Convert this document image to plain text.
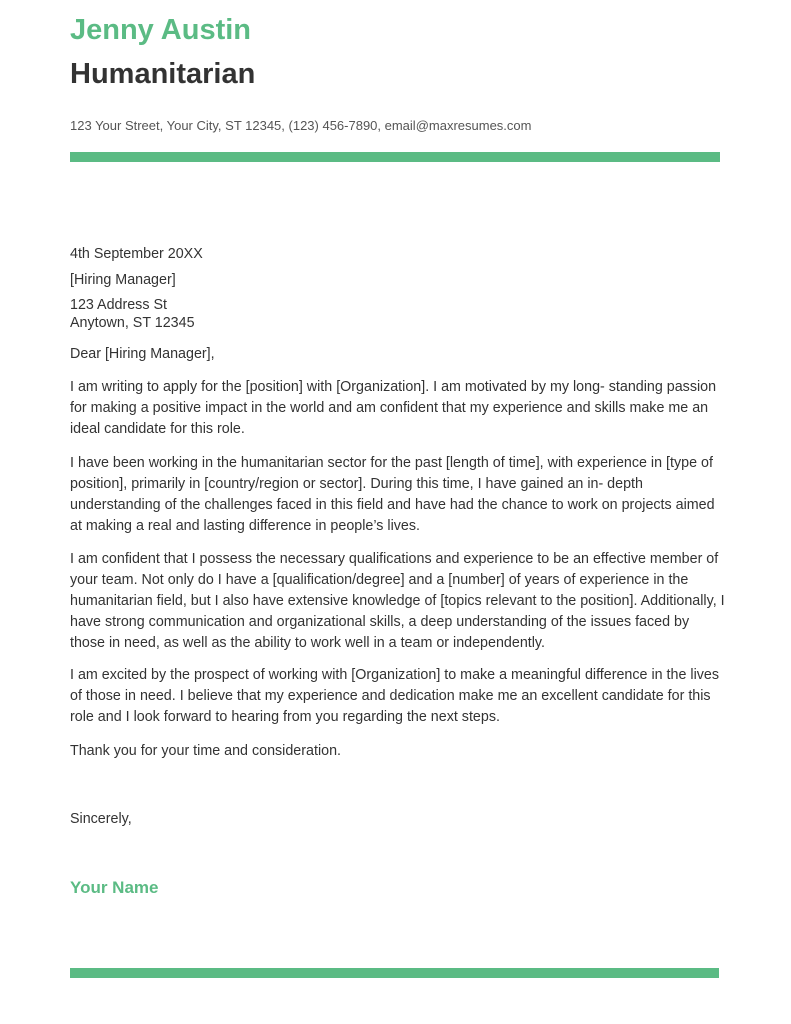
Jenny Austin
Humanitarian
123 Your Street, Your City, ST 12345, (123) 456-7890, email@maxresumes.com
4th September 20XX
[Hiring Manager]
123 Address St
Anytown, ST 12345
Dear [Hiring Manager],
I am writing to apply for the [position] with [Organization]. I am motivated by my long- standing passion for making a positive impact in the world and am confident that my experience and skills make me an ideal candidate for this role.
I have been working in the humanitarian sector for the past [length of time], with experience in [type of position], primarily in [country/region or sector]. During this time, I have gained an in- depth understanding of the challenges faced in this field and have had the chance to work on projects aimed at making a real and lasting difference in people’s lives.
I am confident that I possess the necessary qualifications and experience to be an effective member of your team. Not only do I have a [qualification/degree] and a [number] of years of experience in the humanitarian field, but I also have extensive knowledge of [topics relevant to the position]. Additionally, I have strong communication and organizational skills, a deep understanding of the issues faced by those in need, as well as the ability to work well in a team or independently.
I am excited by the prospect of working with [Organization] to make a meaningful difference in the lives of those in need. I believe that my experience and dedication make me an excellent candidate for this role and I look forward to hearing from you regarding the next steps.
Thank you for your time and consideration.
Sincerely,
Your Name
